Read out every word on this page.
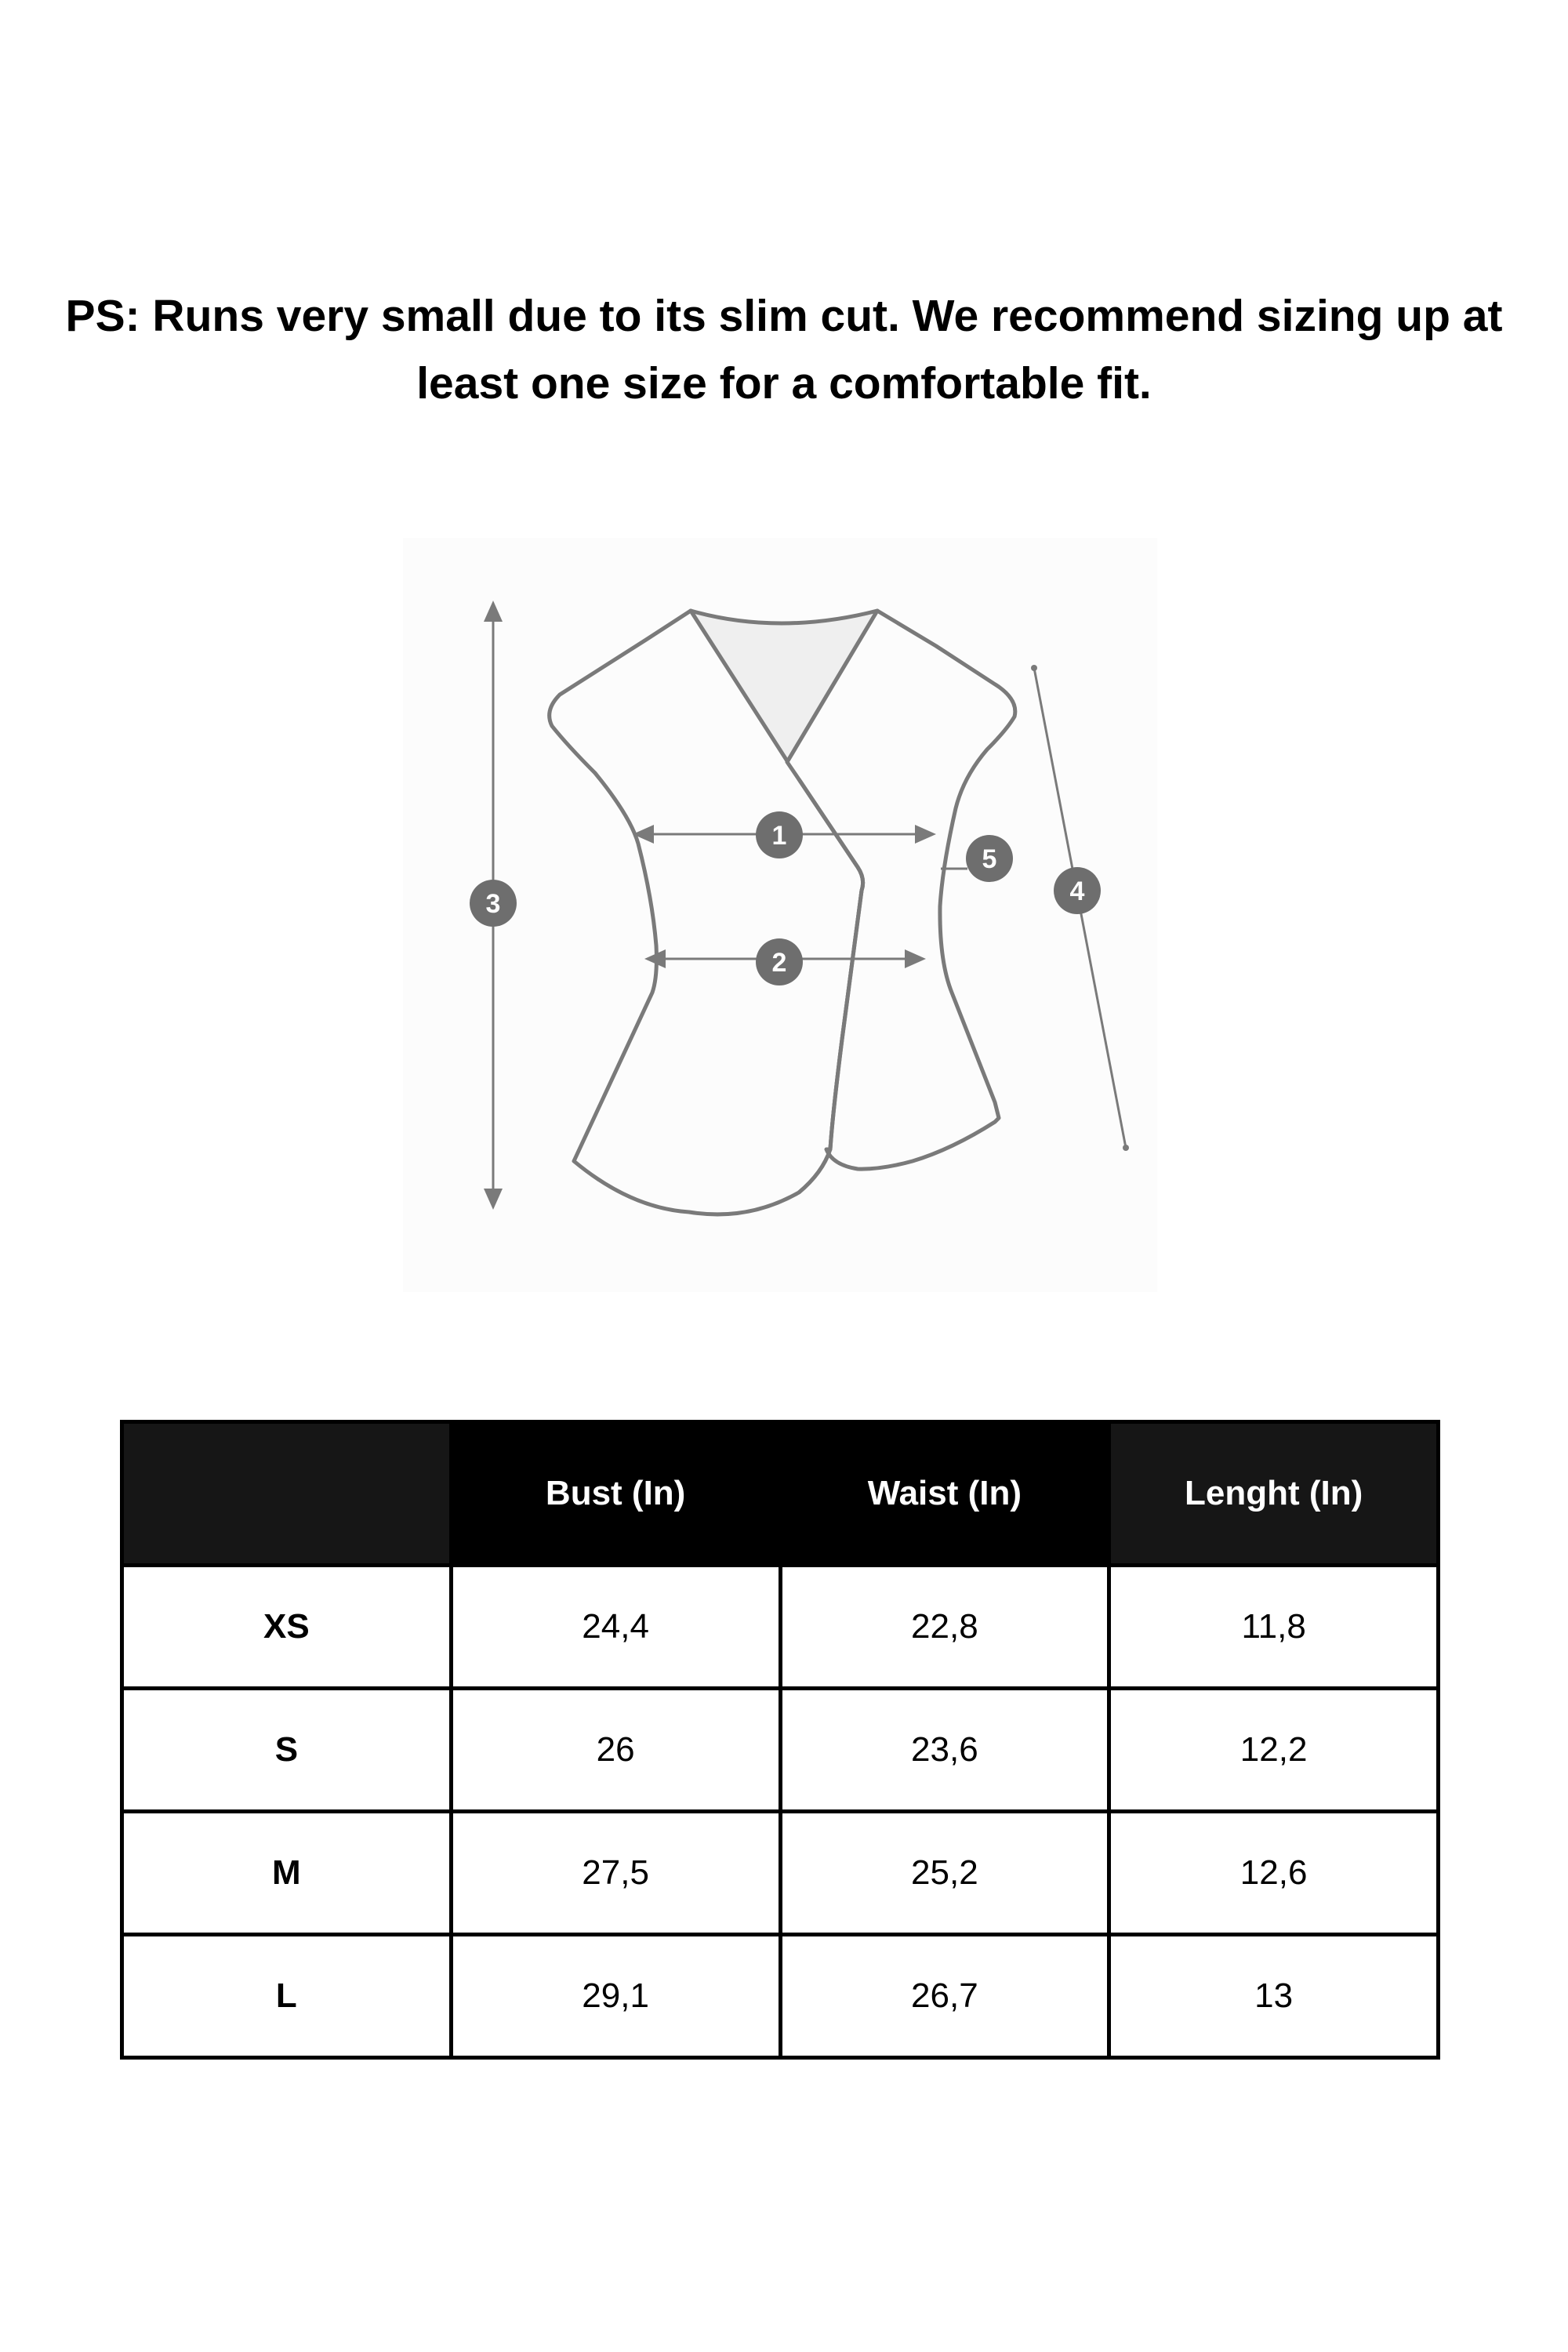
PS: Runs very small due to its slim cut. We recommend sizing up at
least one size for a comfortable fit.
1
2
3	4
5
	Bust (In)	Waist (In)	Lenght (In)
XS	24,4	22,8	11,8
S	26	23,6	12,2
M	27,5	25,2	12,6
L	29,1	26,7	13
